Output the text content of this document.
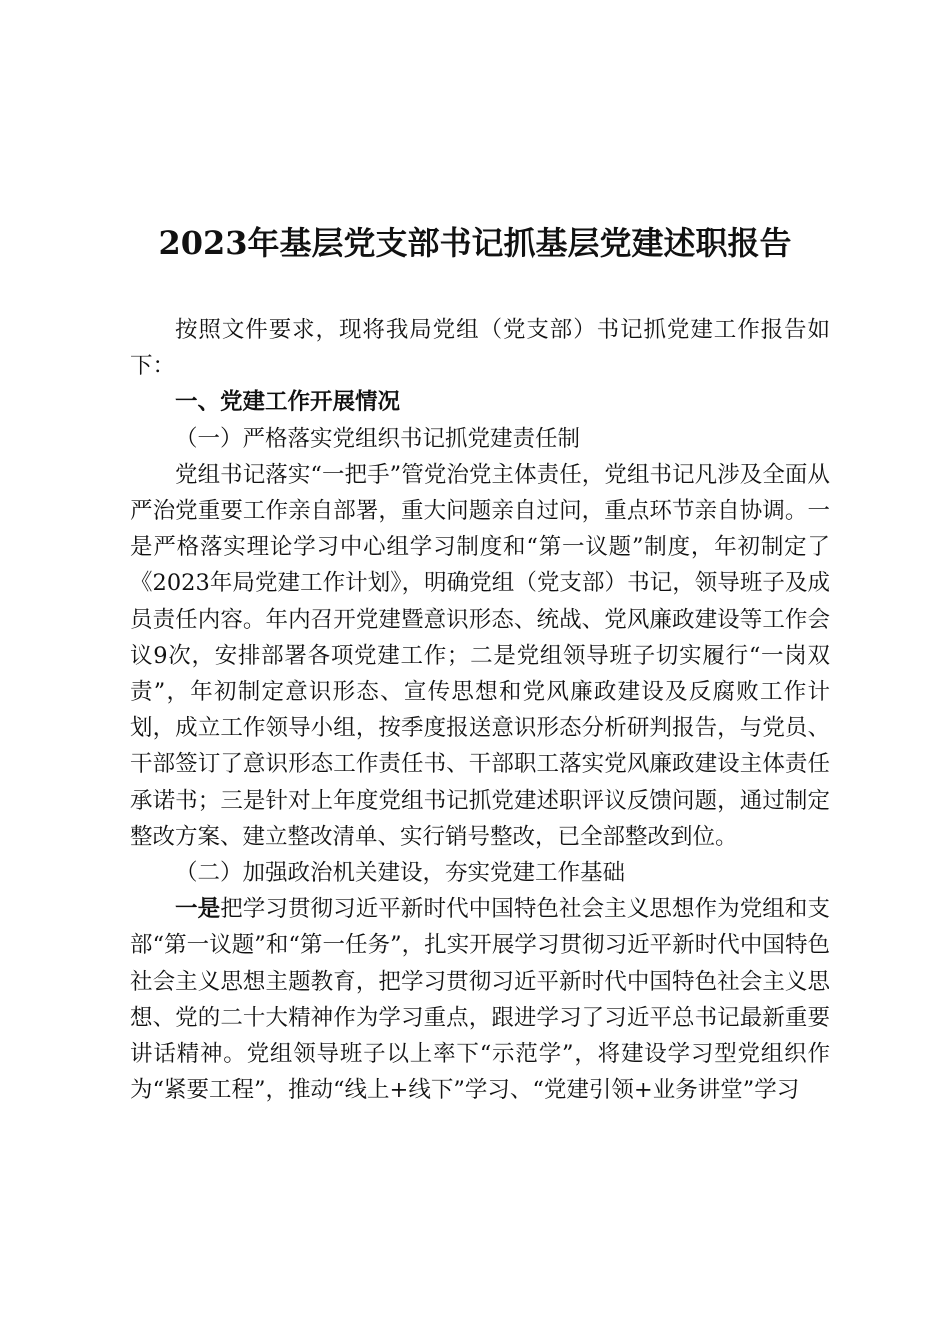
2023年基层党支部书记抓基层党建述职报告

按照文件要求，现将我局党组（党支部）书记抓党建工作报告如下：

一、党建工作开展情况

（一）严格落实党组织书记抓党建责任制

党组书记落实“一把手”管党治党主体责任，党组书记凡涉及全面从严治党重要工作亲自部署，重大问题亲自过问，重点环节亲自协调。一是严格落实理论学习中心组学习制度和“第一议题”制度，年初制定了《2023年局党建工作计划》，明确党组（党支部）书记，领导班子及成员责任内容。年内召开党建暨意识形态、统战、党风廉政建设等工作会议9次，安排部署各项党建工作；二是党组领导班子切实履行“一岗双责”，年初制定意识形态、宣传思想和党风廉政建设及反腐败工作计划，成立工作领导小组，按季度报送意识形态分析研判报告，与党员、干部签订了意识形态工作责任书、干部职工落实党风廉政建设主体责任承诺书；三是针对上年度党组书记抓党建述职评议反馈问题，通过制定整改方案、建立整改清单、实行销号整改，已全部整改到位。

（二）加强政治机关建设，夯实党建工作基础

一是把学习贯彻习近平新时代中国特色社会主义思想作为党组和支部“第一议题”和“第一任务”，扎实开展学习贯彻习近平新时代中国特色社会主义思想主题教育，把学习贯彻习近平新时代中国特色社会主义思想、党的二十大精神作为学习重点，跟进学习了习近平总书记最新重要讲话精神。党组领导班子以上率下“示范学”，将建设学习型党组织作为“紧要工程”，推动“线上+线下”学习、“党建引领+业务讲堂”学习
